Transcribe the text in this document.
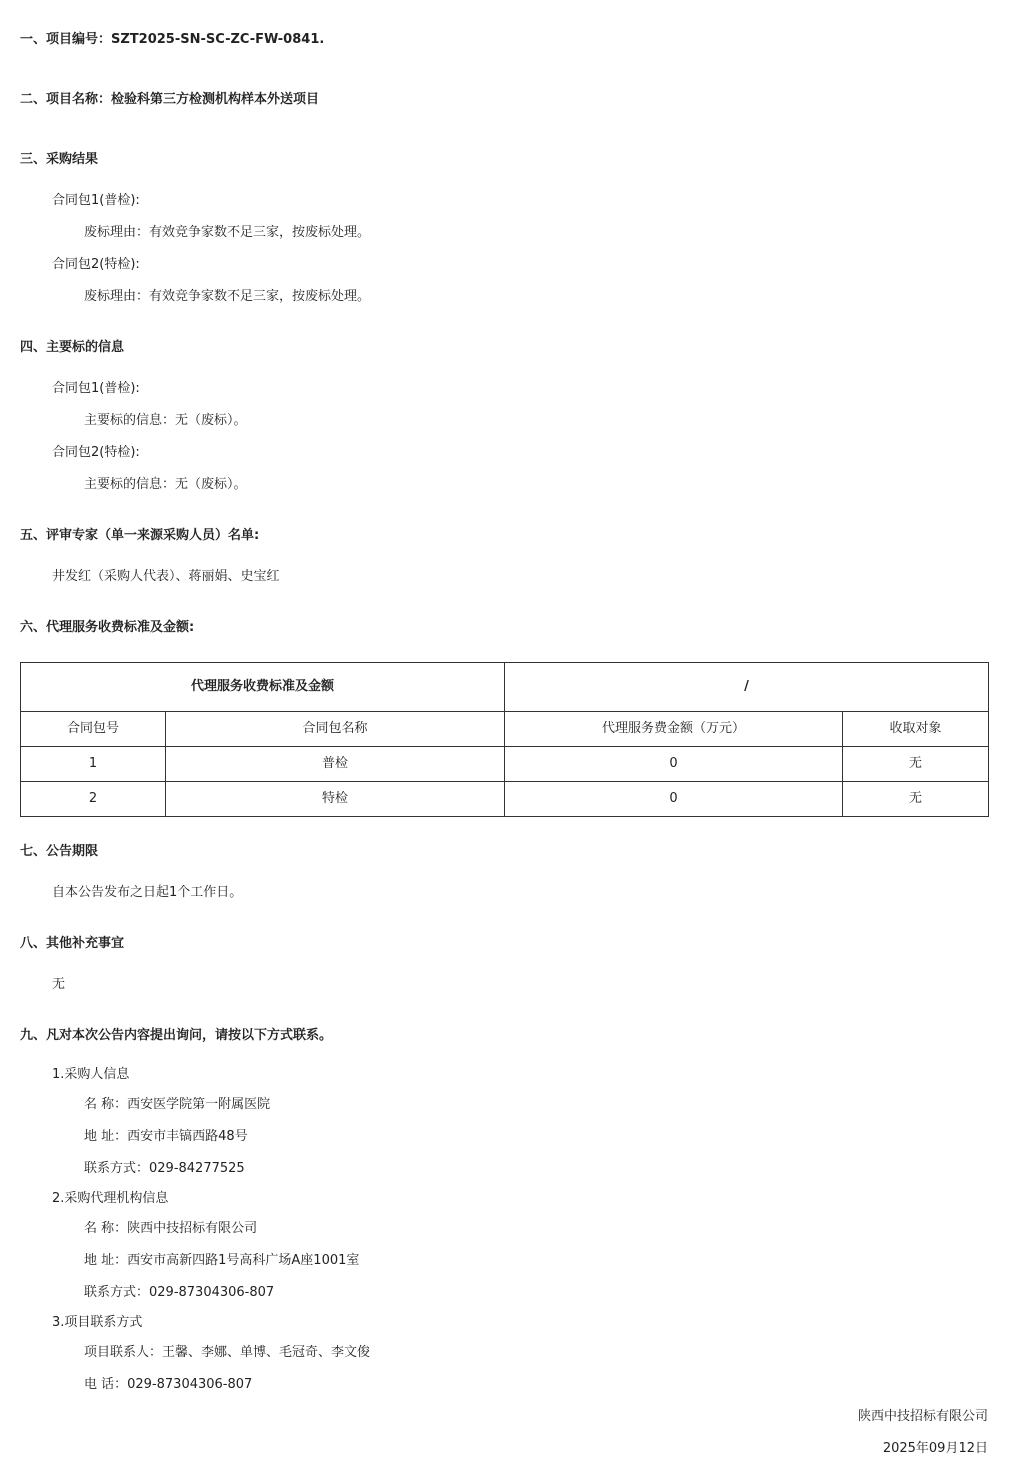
一、项目编号：SZT2025-SN-SC-ZC-FW-0841.
二、项目名称：检验科第三方检测机构样本外送项目
三、采购结果
合同包1(普检):
废标理由：有效竞争家数不足三家，按废标处理。
合同包2(特检):
废标理由：有效竞争家数不足三家，按废标处理。
四、主要标的信息
合同包1(普检):
主要标的信息：无（废标）。
合同包2(特检):
主要标的信息：无（废标）。
五、评审专家（单一来源采购人员）名单:
井发红（采购人代表）、蒋丽娟、史宝红
六、代理服务收费标准及金额:
代理服务收费标准及金额		/	
合同包号	合同包名称	代理服务费金额（万元）	收取对象
1	普检	0	无
2	特检	0	无
七、公告期限
自本公告发布之日起1个工作日。
八、其他补充事宜
无
九、凡对本次公告内容提出询问，请按以下方式联系。
1.采购人信息
名 称：西安医学院第一附属医院
地 址：西安市丰镐西路48号
联系方式：029-84277525
2.采购代理机构信息
名 称：陕西中技招标有限公司
地 址：西安市高新四路1号高科广场A座1001室
联系方式：029-87304306-807
3.项目联系方式
项目联系人：王馨、李娜、单博、毛冠奇、李文俊
电 话：029-87304306-807
陕西中技招标有限公司
2025年09月12日
